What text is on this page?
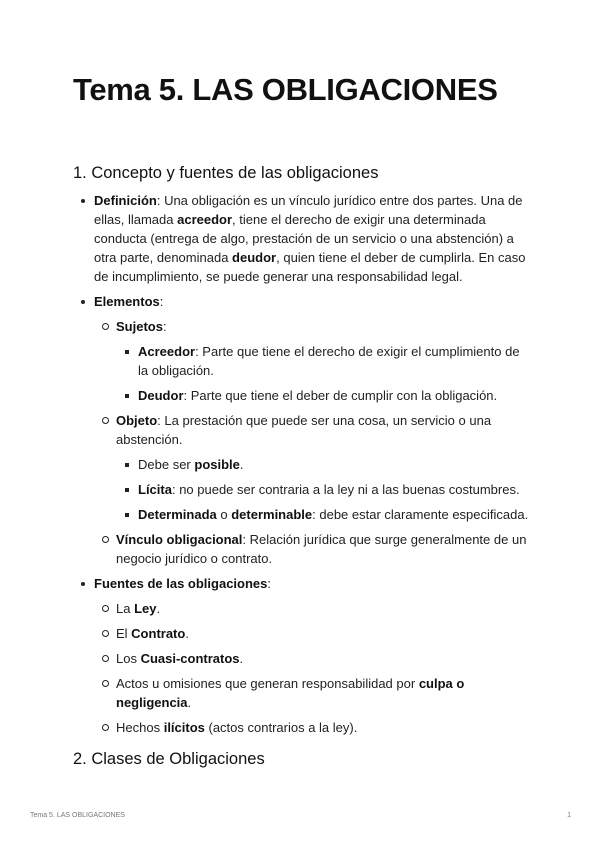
Tema 5. LAS OBLIGACIONES
1. Concepto y fuentes de las obligaciones
Definición: Una obligación es un vínculo jurídico entre dos partes. Una de ellas, llamada acreedor, tiene el derecho de exigir una determinada conducta (entrega de algo, prestación de un servicio o una abstención) a otra parte, denominada deudor, quien tiene el deber de cumplirla. En caso de incumplimiento, se puede generar una responsabilidad legal.
Elementos:
Sujetos:
Acreedor: Parte que tiene el derecho de exigir el cumplimiento de la obligación.
Deudor: Parte que tiene el deber de cumplir con la obligación.
Objeto: La prestación que puede ser una cosa, un servicio o una abstención.
Debe ser posible.
Lícita: no puede ser contraria a la ley ni a las buenas costumbres.
Determinada o determinable: debe estar claramente especificada.
Vínculo obligacional: Relación jurídica que surge generalmente de un negocio jurídico o contrato.
Fuentes de las obligaciones:
La Ley.
El Contrato.
Los Cuasi-contratos.
Actos u omisiones que generan responsabilidad por culpa o negligencia.
Hechos ilícitos (actos contrarios a la ley).
2. Clases de Obligaciones
Tema 5. LAS OBLIGACIONES	1
